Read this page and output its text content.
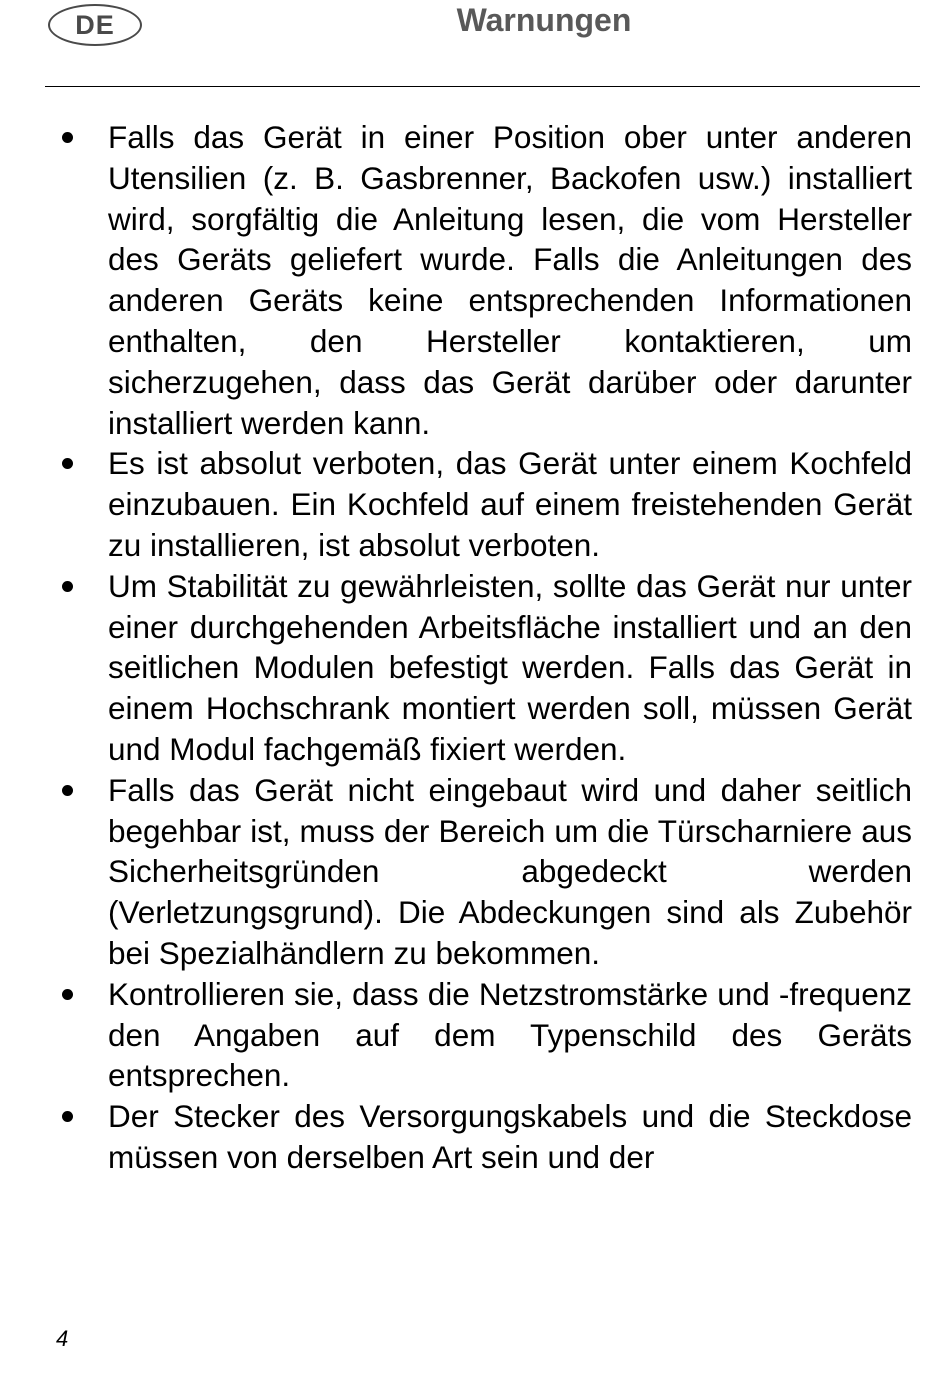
DE	Warnungen
Falls das Gerät in einer Position ober unter anderen Utensilien (z. B. Gasbrenner, Backofen usw.) installiert wird, sorgfältig die Anleitung lesen, die vom Hersteller des Geräts geliefert wurde. Falls die Anleitungen des anderen Geräts keine entsprechenden Informationen enthalten, den Hersteller kontaktieren, um sicherzugehen, dass das Gerät darüber oder darunter installiert werden kann.
Es ist absolut verboten, das Gerät unter einem Kochfeld einzubauen. Ein Kochfeld auf einem freistehenden Gerät zu installieren, ist absolut verboten.
Um Stabilität zu gewährleisten, sollte das Gerät nur unter einer durchgehenden Arbeitsfläche installiert und an den seitlichen Modulen befestigt werden. Falls das Gerät in einem Hochschrank montiert werden soll, müssen Gerät und Modul fachgemäß fixiert werden.
Falls das Gerät nicht eingebaut wird und daher seitlich begehbar ist, muss der Bereich um die Türscharniere aus Sicherheitsgründen abgedeckt werden (Verletzungsgrund). Die Abdeckungen sind als Zubehör bei Spezialhändlern zu bekommen.
Kontrollieren sie, dass die Netzstromstärke und -frequenz den Angaben auf dem Typenschild des Geräts entsprechen.
Der Stecker des Versorgungskabels und die Steckdose müssen von derselben Art sein und der
4
